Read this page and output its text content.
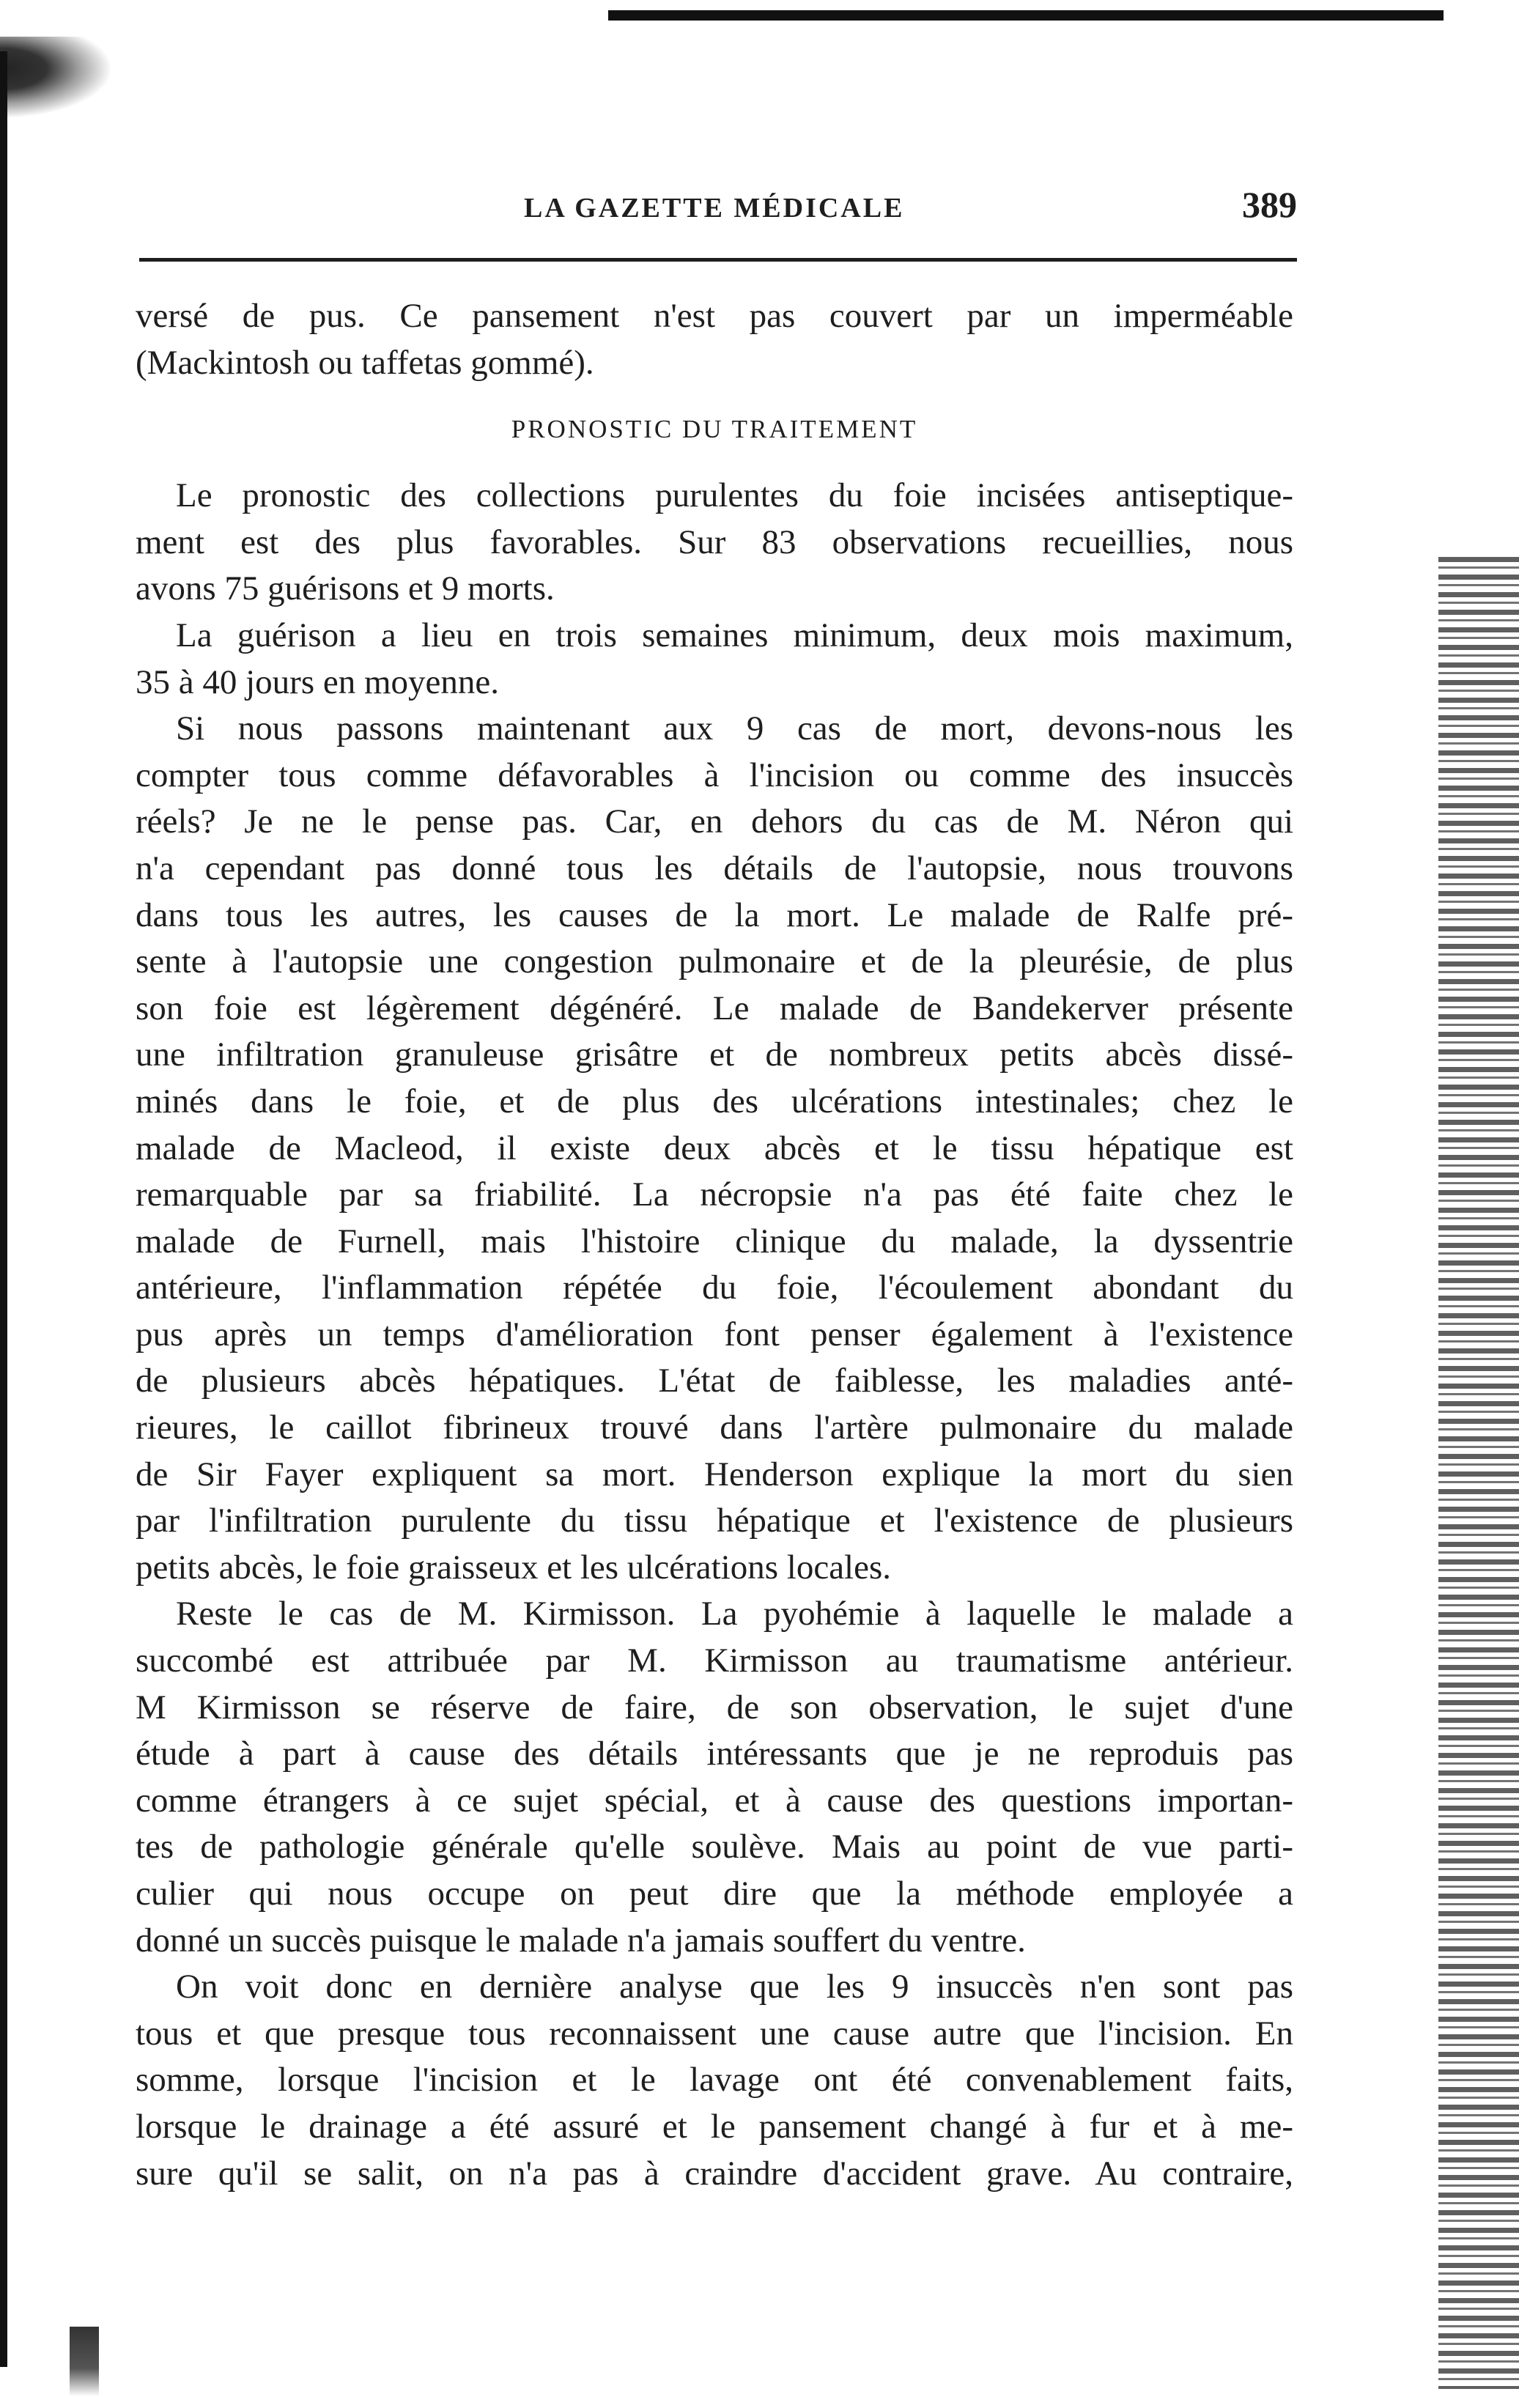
LA GAZETTE MÉDICALE	389
versé de pus. Ce pansement n'est pas couvert par un imperméable
(Mackintosh ou taffetas gommé).
PRONOSTIC DU TRAITEMENT
Le pronostic des collections purulentes du foie incisées antiseptique-
ment est des plus favorables. Sur 83 observations recueillies, nous
avons 75 guérisons et 9 morts.
La guérison a lieu en trois semaines minimum, deux mois maximum,
35 à 40 jours en moyenne.
Si nous passons maintenant aux 9 cas de mort, devons-nous les
compter tous comme défavorables à l'incision ou comme des insuccès
réels? Je ne le pense pas. Car, en dehors du cas de M. Néron qui
n'a cependant pas donné tous les détails de l'autopsie, nous trouvons
dans tous les autres, les causes de la mort. Le malade de Ralfe pré-
sente à l'autopsie une congestion pulmonaire et de la pleurésie, de plus
son foie est légèrement dégénéré. Le malade de Bandekerver présente
une infiltration granuleuse grisâtre et de nombreux petits abcès dissé-
minés dans le foie, et de plus des ulcérations intestinales; chez le
malade de Macleod, il existe deux abcès et le tissu hépatique est
remarquable par sa friabilité. La nécropsie n'a pas été faite chez le
malade de Furnell, mais l'histoire clinique du malade, la dyssentrie
antérieure, l'inflammation répétée du foie, l'écoulement abondant du
pus après un temps d'amélioration font penser également à l'existence
de plusieurs abcès hépatiques. L'état de faiblesse, les maladies anté-
rieures, le caillot fibrineux trouvé dans l'artère pulmonaire du malade
de Sir Fayer expliquent sa mort. Henderson explique la mort du sien
par l'infiltration purulente du tissu hépatique et l'existence de plusieurs
petits abcès, le foie graisseux et les ulcérations locales.
Reste le cas de M. Kirmisson. La pyohémie à laquelle le malade a
succombé est attribuée par M. Kirmisson au traumatisme antérieur.
M Kirmisson se réserve de faire, de son observation, le sujet d'une
étude à part à cause des détails intéressants que je ne reproduis pas
comme étrangers à ce sujet spécial, et à cause des questions importan-
tes de pathologie générale qu'elle soulève. Mais au point de vue parti-
culier qui nous occupe on peut dire que la méthode employée a
donné un succès puisque le malade n'a jamais souffert du ventre.
On voit donc en dernière analyse que les 9 insuccès n'en sont pas
tous et que presque tous reconnaissent une cause autre que l'incision. En
somme, lorsque l'incision et le lavage ont été convenablement faits,
lorsque le drainage a été assuré et le pansement changé à fur et à me-
sure qu'il se salit, on n'a pas à craindre d'accident grave. Au contraire,
